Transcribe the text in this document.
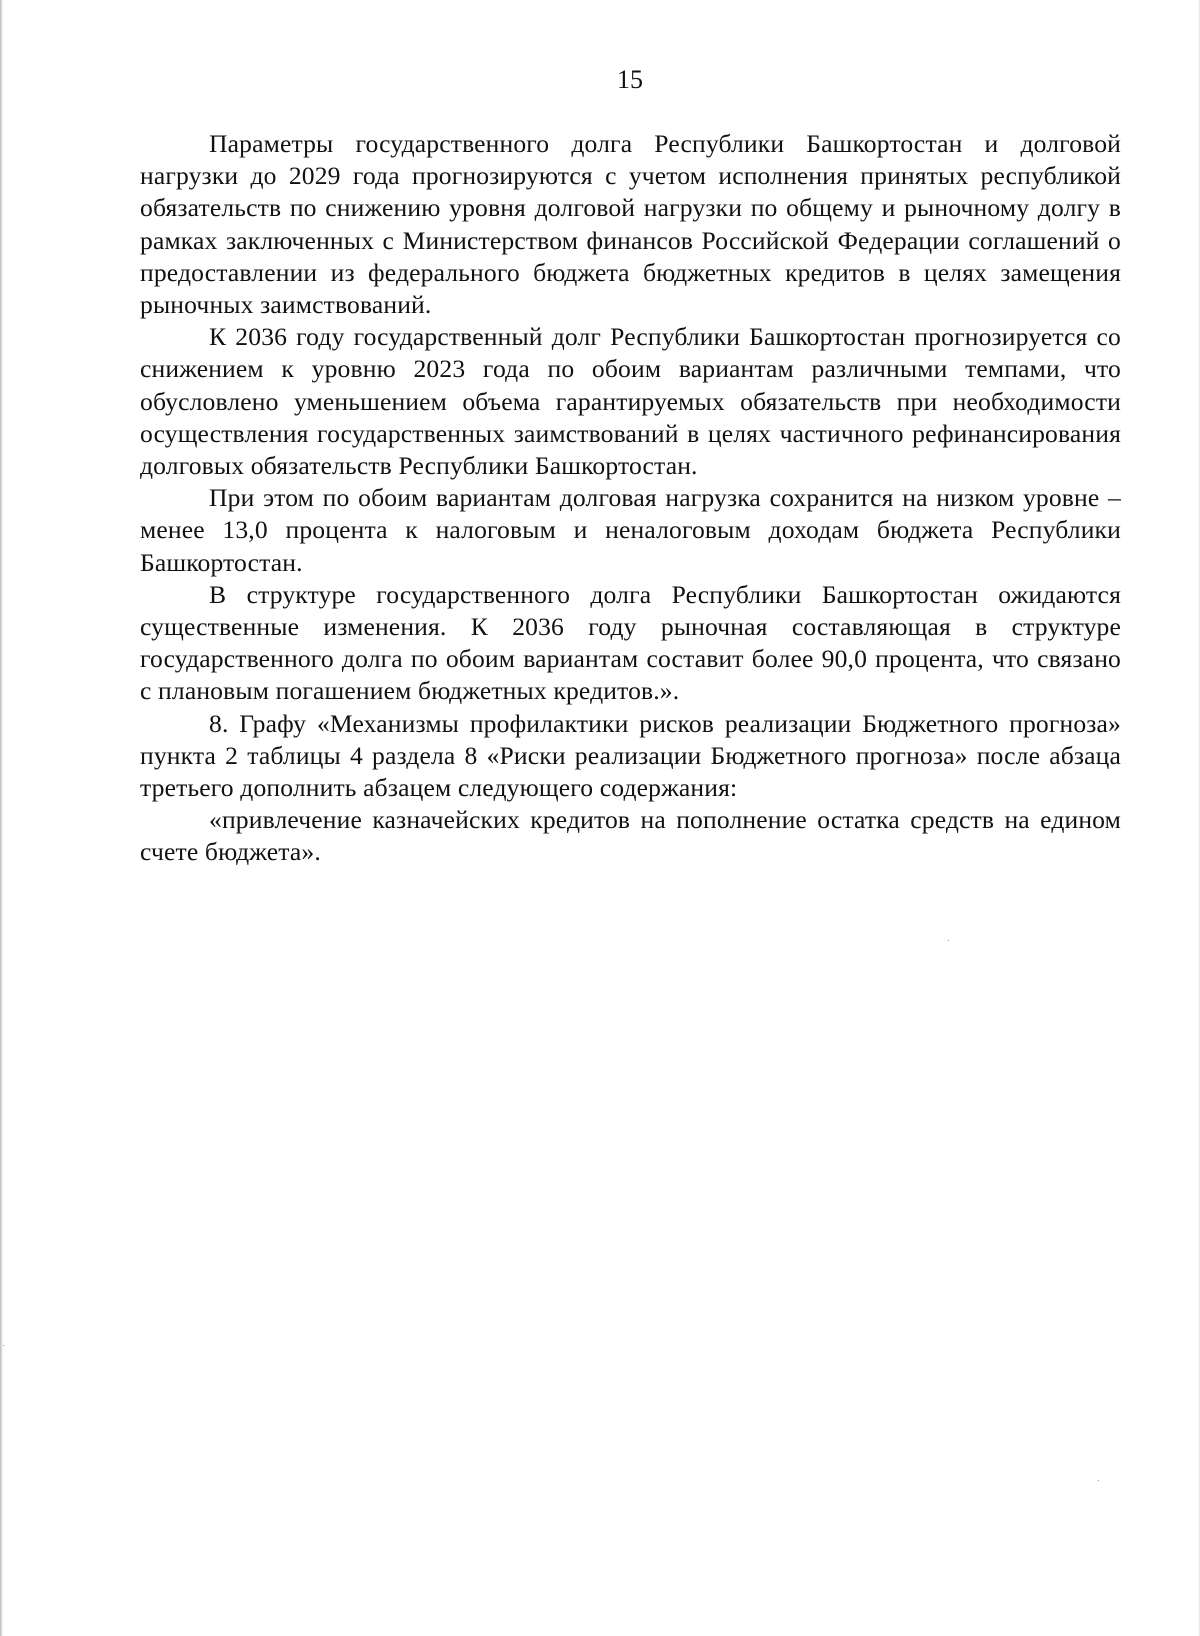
15

Параметры государственного долга Республики Башкортостан и долговой нагрузки до 2029 года прогнозируются с учетом исполнения принятых республикой обязательств по снижению уровня долговой нагрузки по общему и рыночному долгу в рамках заключенных с Министерством финансов Российской Федерации соглашений о предоставлении из федерального бюджета бюджетных кредитов в целях замещения рыночных заимствований.

К 2036 году государственный долг Республики Башкортостан прогнозируется со снижением к уровню 2023 года по обоим вариантам различными темпами, что обусловлено уменьшением объема гарантируемых обязательств при необходимости осуществления государственных заимствований в целях частичного рефинансирования долговых обязательств Республики Башкортостан.

При этом по обоим вариантам долговая нагрузка сохранится на низком уровне – менее 13,0 процента к налоговым и неналоговым доходам бюджета Республики Башкортостан.

В структуре государственного долга Республики Башкортостан ожидаются существенные изменения. К 2036 году рыночная составляющая в структуре государственного долга по обоим вариантам составит более 90,0 процента, что связано с плановым погашением бюджетных кредитов.».

8. Графу «Механизмы профилактики рисков реализации Бюджетного прогноза» пункта 2 таблицы 4 раздела 8 «Риски реализации Бюджетного прогноза» после абзаца третьего дополнить абзацем следующего содержания:

«привлечение казначейских кредитов на пополнение остатка средств на едином счете бюджета».
